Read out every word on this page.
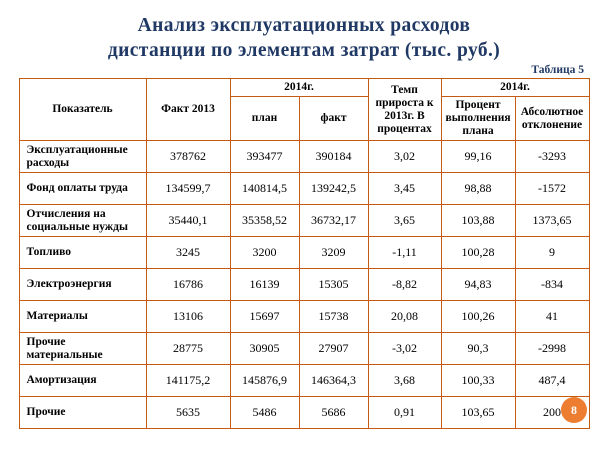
Анализ эксплуатационных расходов
дистанции по элементам затрат (тыс. руб.)
Таблица 5
Показатель	Факт 2013	2014г.		Темп прироста к 2013г. В процентах	2014г.	
		план	факт		Процент выполнения плана	Абсолютное отклонение
Эксплуатационные расходы	378762	393477	390184	3,02	99,16	-3293
Фонд оплаты труда	134599,7	140814,5	139242,5	3,45	98,88	-1572
Отчисления на социальные нужды	35440,1	35358,52	36732,17	3,65	103,88	1373,65
Топливо	3245	3200	3209	-1,11	100,28	9
Электроэнергия	16786	16139	15305	-8,82	94,83	-834
Материалы	13106	15697	15738	20,08	100,26	41
Прочие материальные	28775	30905	27907	-3,02	90,3	-2998
Амортизация	141175,2	145876,9	146364,3	3,68	100,33	487,4
Прочие	5635	5486	5686	0,91	103,65	200 8
